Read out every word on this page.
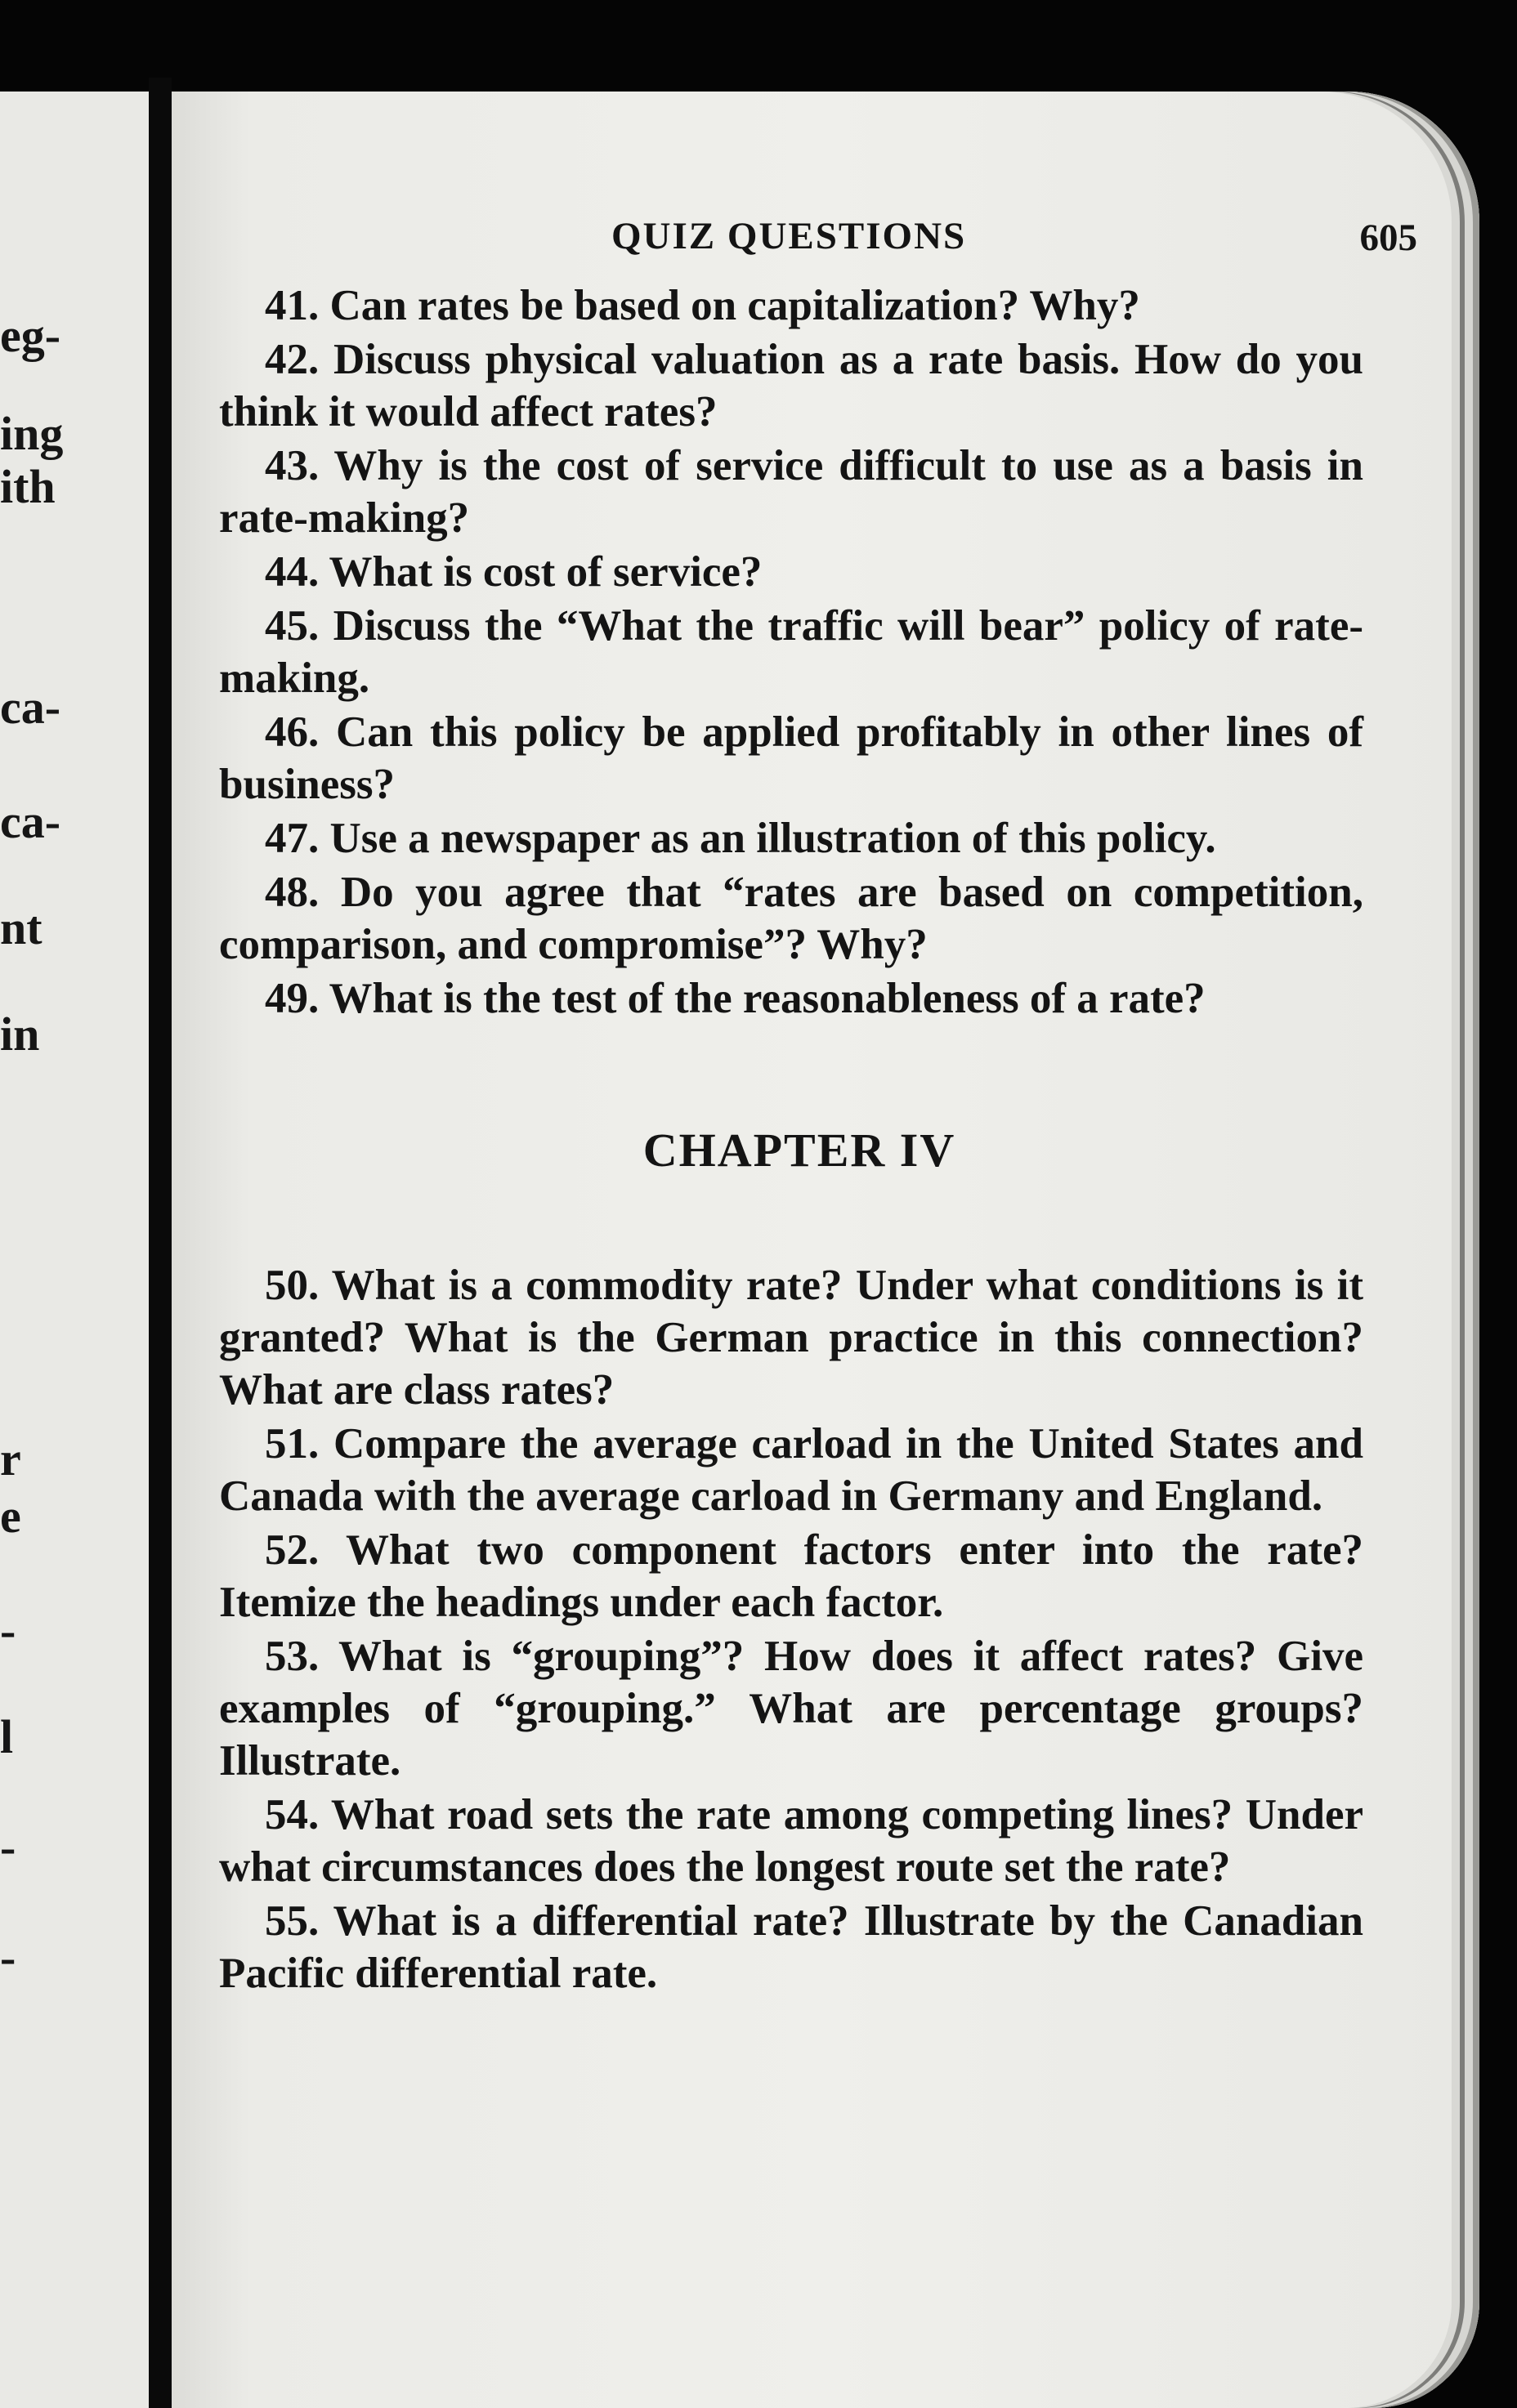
eg-
ing
ith
ca-
ca-
nt
in
r
e
-
l
-
-
QUIZ QUESTIONS	605

41. Can rates be based on capitalization? Why?

42. Discuss physical valuation as a rate basis. How do you think it would affect rates?

43. Why is the cost of service difficult to use as a basis in rate-making?

44. What is cost of service?

45. Discuss the “What the traffic will bear” policy of rate-making.

46. Can this policy be applied profitably in other lines of business?

47. Use a newspaper as an illustration of this policy.

48. Do you agree that “rates are based on competition, comparison, and compromise”? Why?

49. What is the test of the reasonableness of a rate?

CHAPTER IV

50. What is a commodity rate? Under what conditions is it granted? What is the German practice in this connection? What are class rates?

51. Compare the average carload in the United States and Canada with the average carload in Germany and England.

52. What two component factors enter into the rate? Itemize the headings under each factor.

53. What is “grouping”? How does it affect rates? Give examples of “grouping.” What are percentage groups? Illustrate.

54. What road sets the rate among competing lines? Under what circumstances does the longest route set the rate?

55. What is a differential rate? Illustrate by the Canadian Pacific differential rate.
